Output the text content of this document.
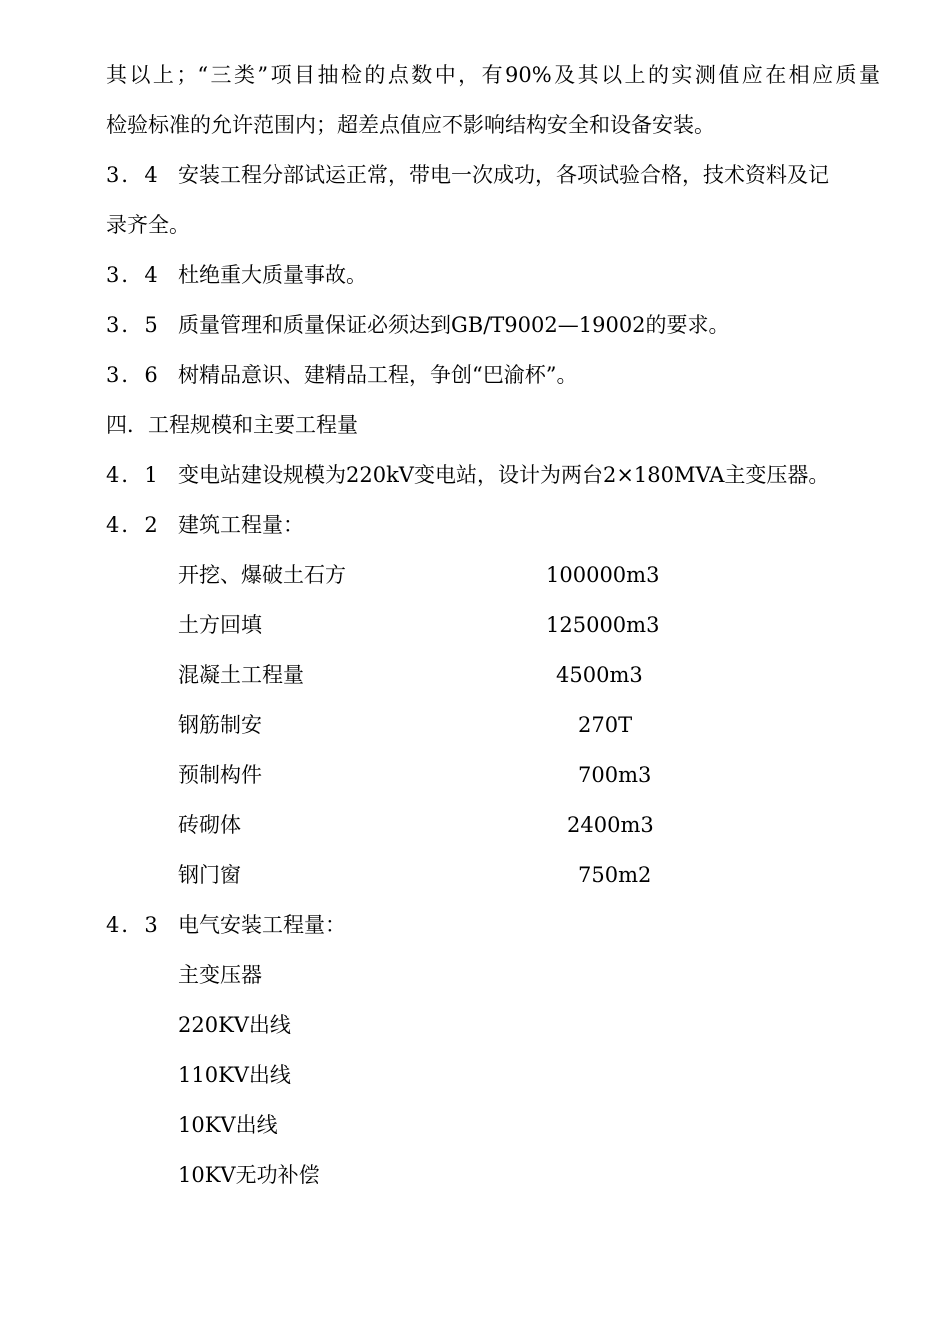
其以上；“三类”项目抽检的点数中，有90%及其以上的实测值应在相应质量
检验标准的允许范围内；超差点值应不影响结构安全和设备安装。
3．4 安装工程分部试运正常，带电一次成功，各项试验合格，技术资料及记
录齐全。
3．4 杜绝重大质量事故。
3．5 质量管理和质量保证必须达到GB/T9002—19002的要求。
3．6 树精品意识、建精品工程，争创“巴渝杯”。
四．工程规模和主要工程量
4．1 变电站建设规模为220kV变电站，设计为两台2×180MVA主变压器。
4．2 建筑工程量：
开挖、爆破土石方	100000m3
土方回填	125000m3
混凝土工程量	4500m3
钢筋制安	270T
预制构件	700m3
砖砌体	2400m3
钢门窗	750m2
4．3 电气安装工程量：
主变压器
220KV出线
110KV出线
10KV出线
10KV无功补偿
